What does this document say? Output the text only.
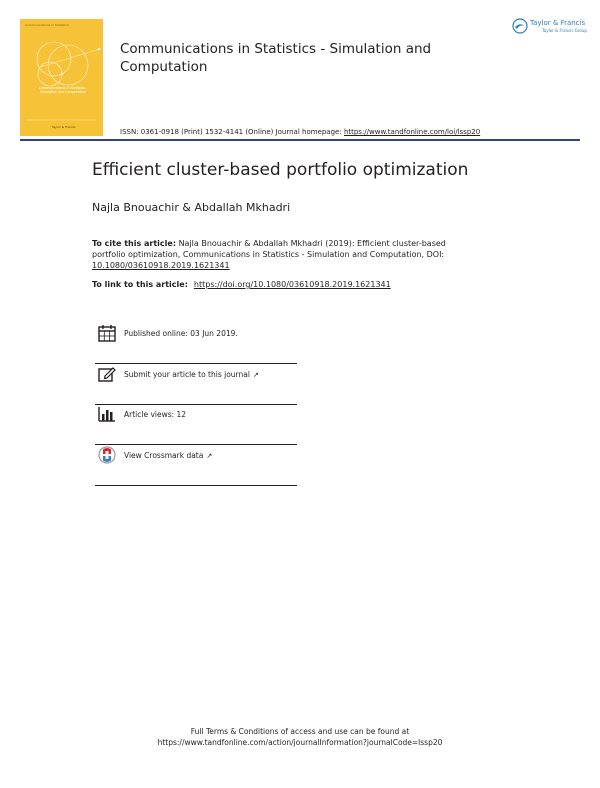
Communications in Statistics
Communications in Statistics - Simulation and Computation
Taylor & Francis
Communications in Statistics - Simulation and
Computation
Taylor & Francis
Taylor & Francis Group
ISSN: 0361-0918 (Print) 1532-4141 (Online) Journal homepage: https://www.tandfonline.com/loi/lssp20
Efficient cluster-based portfolio optimization
Najla Bnouachir & Abdallah Mkhadri
To cite this article: Najla Bnouachir & Abdallah Mkhadri (2019): Efficient cluster-based portfolio optimization, Communications in Statistics - Simulation and Computation, DOI: 10.1080/03610918.2019.1621341
To link to this article: https://doi.org/10.1080/03610918.2019.1621341
Published online: 03 Jun 2019.
Submit your article to this journal ↗
Article views: 12
View Crossmark data ↗
Full Terms & Conditions of access and use can be found at
https://www.tandfonline.com/action/journalInformation?journalCode=lssp20
